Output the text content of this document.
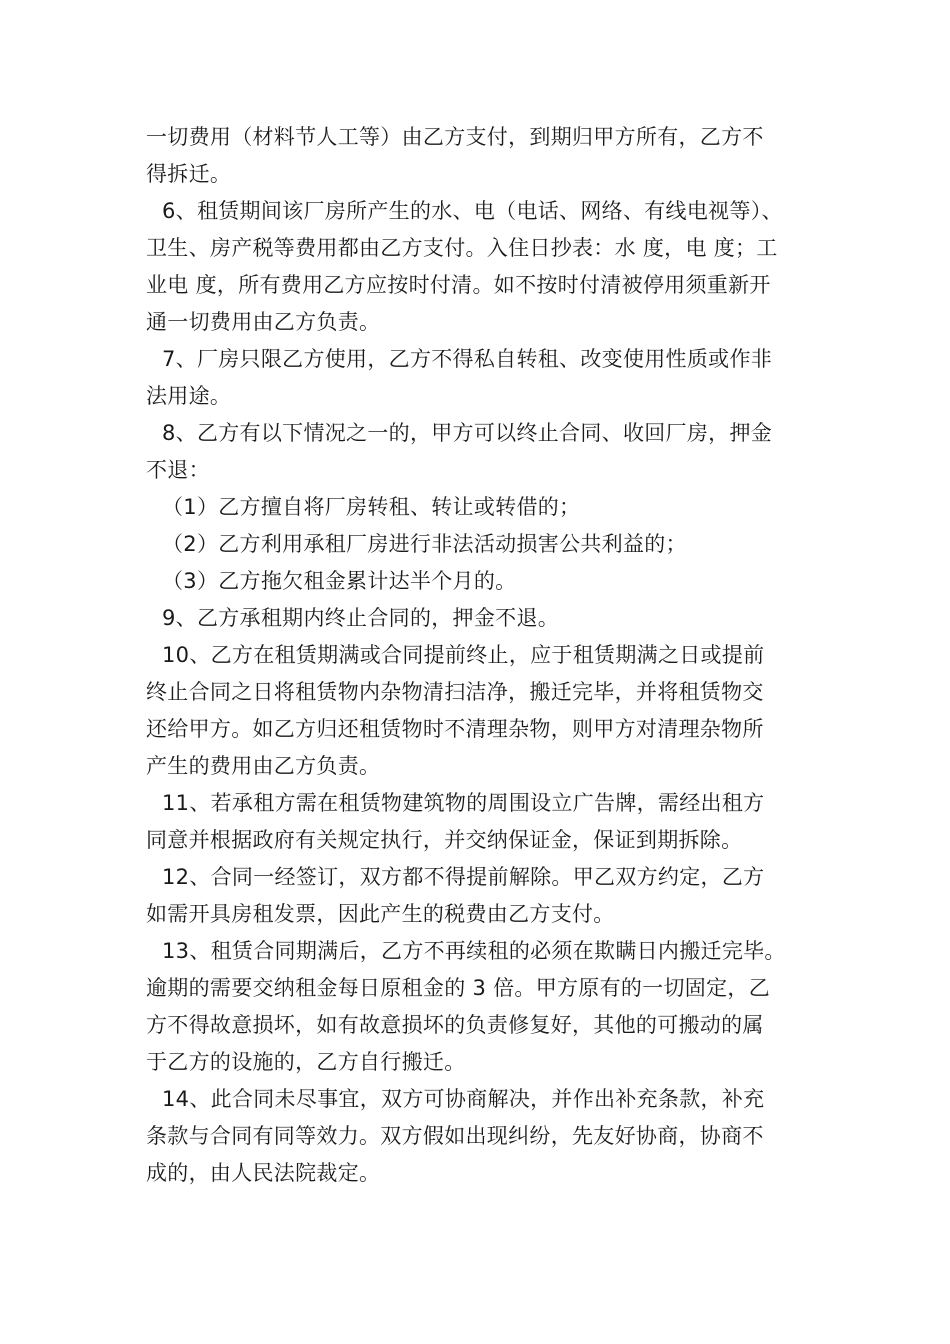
一切费用（材料节人工等）由乙方支付，到期归甲方所有，乙方不
得拆迁。
6、租赁期间该厂房所产生的水、电（电话、网络、有线电视等）、
卫生、房产税等费用都由乙方支付。入住日抄表：水 度，电 度；工
业电 度，所有费用乙方应按时付清。如不按时付清被停用须重新开
通一切费用由乙方负责。
7、厂房只限乙方使用，乙方不得私自转租、改变使用性质或作非
法用途。
8、乙方有以下情况之一的，甲方可以终止合同、收回厂房，押金
不退：
（1）乙方擅自将厂房转租、转让或转借的；
（2）乙方利用承租厂房进行非法活动损害公共利益的；
（3）乙方拖欠租金累计达半个月的。
9、乙方承租期内终止合同的，押金不退。
10、乙方在租赁期满或合同提前终止，应于租赁期满之日或提前
终止合同之日将租赁物内杂物清扫洁净，搬迁完毕，并将租赁物交
还给甲方。如乙方归还租赁物时不清理杂物，则甲方对清理杂物所
产生的费用由乙方负责。
11、若承租方需在租赁物建筑物的周围设立广告牌，需经出租方
同意并根据政府有关规定执行，并交纳保证金，保证到期拆除。
12、合同一经签订，双方都不得提前解除。甲乙双方约定，乙方
如需开具房租发票，因此产生的税费由乙方支付。
13、租赁合同期满后，乙方不再续租的必须在欺瞒日内搬迁完毕。
逾期的需要交纳租金每日原租金的 3 倍。甲方原有的一切固定，乙
方不得故意损坏，如有故意损坏的负责修复好，其他的可搬动的属
于乙方的设施的，乙方自行搬迁。
14、此合同未尽事宜，双方可协商解决，并作出补充条款，补充
条款与合同有同等效力。双方假如出现纠纷，先友好协商，协商不
成的，由人民法院裁定。
